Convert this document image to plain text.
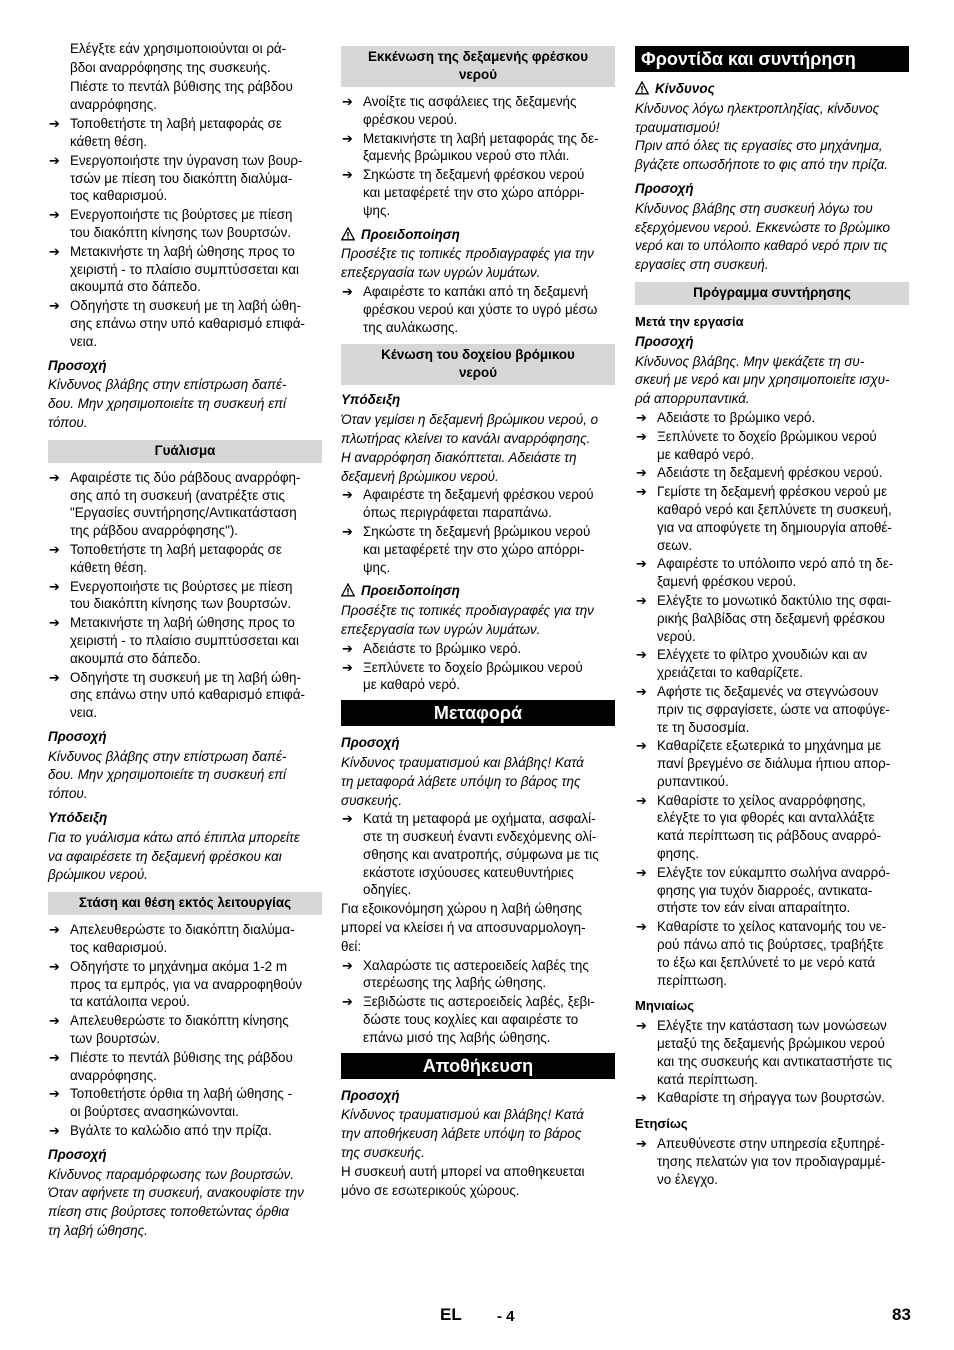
Ελέγξτε εάν χρησιμοποιούνται οι ρά-
βδοι αναρρόφησης της συσκευής.
Πιέστε το πεντάλ βύθισης της ράβδου
αναρρόφησης.
➔ Τοποθετήστε τη λαβή μεταφοράς σε
κάθετη θέση.
➔ Ενεργοποιήστε την ύγρανση των βουρ-
τσών με πίεση του διακόπτη διαλύμα-
τος καθαρισμού.
➔ Ενεργοποιήστε τις βούρτσες με πίεση
του διακόπτη κίνησης των βουρτσών.
➔ Μετακινήστε τη λαβή ώθησης προς το
χειριστή - το πλαίσιο συμπτύσσεται και
ακουμπά στο δάπεδο.
➔ Οδηγήστε τη συσκευή με τη λαβή ώθη-
σης επάνω στην υπό καθαρισμό επιφά-
νεια.
Προσοχή
Κίνδυνος βλάβης στην επίστρωση δαπέ-
δου. Μην χρησιμοποιείτε τη συσκευή επί
τόπου.
Γυάλισμα
➔ Αφαιρέστε τις δύο ράβδους αναρρόφη-
σης από τη συσκευή (ανατρέξτε στις
"Εργασίες συντήρησης/Αντικατάσταση
της ράβδου αναρρόφησης").
➔ Τοποθετήστε τη λαβή μεταφοράς σε
κάθετη θέση.
➔ Ενεργοποιήστε τις βούρτσες με πίεση
του διακόπτη κίνησης των βουρτσών.
➔ Μετακινήστε τη λαβή ώθησης προς το
χειριστή - το πλαίσιο συμπτύσσεται και
ακουμπά στο δάπεδο.
➔ Οδηγήστε τη συσκευή με τη λαβή ώθη-
σης επάνω στην υπό καθαρισμό επιφά-
νεια.
Προσοχή
Κίνδυνος βλάβης στην επίστρωση δαπέ-
δου. Μην χρησιμοποιείτε τη συσκευή επί
τόπου.
Υπόδειξη
Για το γυάλισμα κάτω από έπιπλα μπορείτε
να αφαιρέσετε τη δεξαμενή φρέσκου και
βρώμικου νερού.
Στάση και θέση εκτός λειτουργίας
➔ Απελευθερώστε το διακόπτη διαλύμα-
τος καθαρισμού.
➔ Οδηγήστε το μηχάνημα ακόμα 1-2 m
προς τα εμπρός, για να αναρροφηθούν
τα κατάλοιπα νερού.
➔ Απελευθερώστε το διακόπτη κίνησης
των βουρτσών.
➔ Πιέστε το πεντάλ βύθισης της ράβδου
αναρρόφησης.
➔ Τοποθετήστε όρθια τη λαβή ώθησης -
οι βούρτσες ανασηκώνονται.
➔ Βγάλτε το καλώδιο από την πρίζα.
Προσοχή
Κίνδυνος παραμόρφωσης των βουρτσών.
Όταν αφήνετε τη συσκευή, ανακουφίστε την
πίεση στις βούρτσες τοποθετώντας όρθια
τη λαβή ώθησης.
Εκκένωση της δεξαμενής φρέσκου
νερού
➔ Ανοίξτε τις ασφάλειες της δεξαμενής
φρέσκου νερού.
➔ Μετακινήστε τη λαβή μεταφοράς της δε-
ξαμενής βρώμικου νερού στο πλάι.
➔ Σηκώστε τη δεξαμενή φρέσκου νερού
και μεταφέρετέ την στο χώρο απόρρι-
ψης.
Προειδοποίηση
Προσέξτε τις τοπικές προδιαγραφές για την
επεξεργασία των υγρών λυμάτων.
➔ Αφαιρέστε το καπάκι από τη δεξαμενή
φρέσκου νερού και χύστε το υγρό μέσω
της αυλάκωσης.
Κένωση του δοχείου βρόμικου
νερού
Υπόδειξη
Όταν γεμίσει η δεξαμενή βρώμικου νερού, ο
πλωτήρας κλείνει το κανάλι αναρρόφησης.
Η αναρρόφηση διακόπτεται. Αδειάστε τη
δεξαμενή βρώμικου νερού.
➔ Αφαιρέστε τη δεξαμενή φρέσκου νερού
όπως περιγράφεται παραπάνω.
➔ Σηκώστε τη δεξαμενή βρώμικου νερού
και μεταφέρετέ την στο χώρο απόρρι-
ψης.
Προειδοποίηση
Προσέξτε τις τοπικές προδιαγραφές για την
επεξεργασία των υγρών λυμάτων.
➔ Αδειάστε το βρώμικο νερό.
➔ Ξεπλύνετε το δοχείο βρώμικου νερού
με καθαρό νερό.
Μεταφορά
Προσοχή
Κίνδυνος τραυματισμού και βλάβης! Κατά
τη μεταφορά λάβετε υπόψη το βάρος της
συσκευής.
➔ Κατά τη μεταφορά με οχήματα, ασφαλί-
στε τη συσκευή έναντι ενδεχόμενης ολί-
σθησης και ανατροπής, σύμφωνα με τις
εκάστοτε ισχύουσες κατευθυντήριες
οδηγίες.
Για εξοικονόμηση χώρου η λαβή ώθησης
μπορεί να κλείσει ή να αποσυναρμολογη-
θεί:
➔ Χαλαρώστε τις αστεροειδείς λαβές της
στερέωσης της λαβής ώθησης.
➔ Ξεβιδώστε τις αστεροειδείς λαβές, ξεβι-
δώστε τους κοχλίες και αφαιρέστε το
επάνω μισό της λαβής ώθησης.
Αποθήκευση
Προσοχή
Κίνδυνος τραυματισμού και βλάβης! Κατά
την αποθήκευση λάβετε υπόψη το βάρος
της συσκευής.
Η συσκευή αυτή μπορεί να αποθηκευεται
μόνο σε εσωτερικούς χώρους.
Φροντίδα και συντήρηση
Κίνδυνος
Κίνδυνος λόγω ηλεκτροπληξίας, κίνδυνος
τραυματισμού!
Πριν από όλες τις εργασίες στο μηχάνημα,
βγάζετε οπωσδήποτε το φις από την πρίζα.
Προσοχή
Κίνδυνος βλάβης στη συσκευή λόγω του
εξερχόμενου νερού. Εκκενώστε το βρώμικο
νερό και το υπόλοιπο καθαρό νερό πριν τις
εργασίες στη συσκευή.
Πρόγραμμα συντήρησης
Μετά την εργασία
Προσοχή
Κίνδυνος βλάβης. Μην ψεκάζετε τη συ-
σκευή με νερό και μην χρησιμοποιείτε ισχυ-
ρά απορρυπαντικά.
➔ Αδειάστε το βρώμικο νερό.
➔ Ξεπλύνετε το δοχείο βρώμικου νερού
με καθαρό νερό.
➔ Αδειάστε τη δεξαμενή φρέσκου νερού.
➔ Γεμίστε τη δεξαμενή φρέσκου νερού με
καθαρό νερό και ξεπλύνετε τη συσκευή,
για να αποφύγετε τη δημιουργία αποθέ-
σεων.
➔ Αφαιρέστε το υπόλοιπο νερό από τη δε-
ξαμενή φρέσκου νερού.
➔ Ελέγξτε το μονωτικό δακτύλιο της σφαι-
ρικής βαλβίδας στη δεξαμενή φρέσκου
νερού.
➔ Ελέγχετε το φίλτρο χνουδιών και αν
χρειάζεται το καθαρίζετε.
➔ Αφήστε τις δεξαμενές να στεγνώσουν
πριν τις σφραγίσετε, ώστε να αποφύγε-
τε τη δυσοσμία.
➔ Καθαρίζετε εξωτερικά το μηχάνημα με
πανί βρεγμένο σε διάλυμα ήπιου απορ-
ρυπαντικού.
➔ Καθαρίστε το χείλος αναρρόφησης,
ελέγξτε το για φθορές και ανταλλάξτε
κατά περίπτωση τις ράβδους αναρρό-
φησης.
➔ Ελέγξτε τον εύκαμπτο σωλήνα αναρρό-
φησης για τυχόν διαρροές, αντικατα-
στήστε τον εάν είναι απαραίτητο.
➔ Καθαρίστε το χείλος κατανομής του νε-
ρού πάνω από τις βούρτσες, τραβήξτε
το έξω και ξεπλύνετέ το με νερό κατά
περίπτωση.
Μηνιαίως
➔ Ελέγξτε την κατάσταση των μονώσεων
μεταξύ της δεξαμενής βρώμικου νερού
και της συσκευής και αντικαταστήστε τις
κατά περίπτωση.
➔ Καθαρίστε τη σήραγγα των βουρτσών.
Ετησίως
➔ Απευθύνεστε στην υπηρεσία εξυπηρέ-
τησης πελατών για τον προδιαγραμμέ-
νο έλεγχο.
EL - 4	83
